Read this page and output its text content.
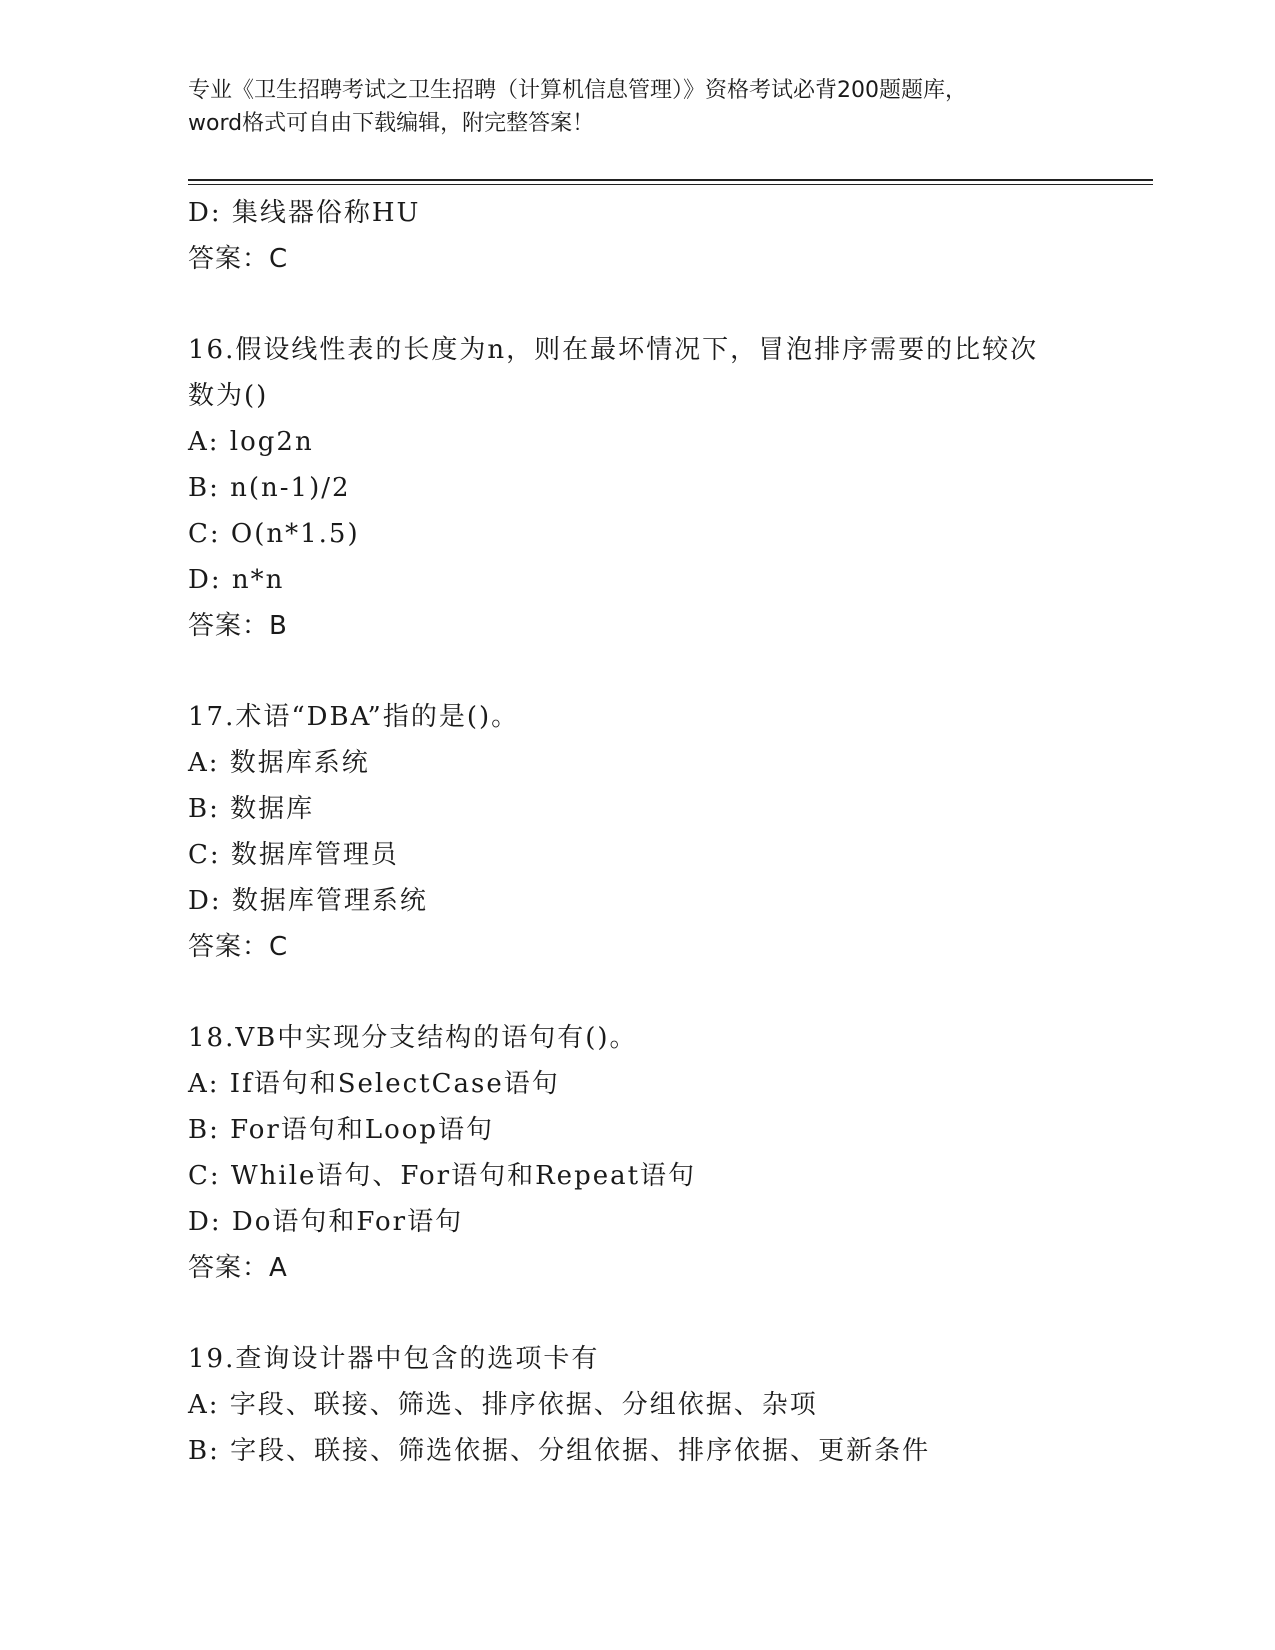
专业《卫生招聘考试之卫生招聘（计算机信息管理）》资格考试必背200题题库，
word格式可自由下载编辑，附完整答案！
D: 集线器俗称HU
答案：C
16.假设线性表的长度为n，则在最坏情况下，冒泡排序需要的比较次
数为()
A: log2n
B: n(n-1)/2
C: O(n*1.5)
D: n*n
答案：B
17.术语“DBA”指的是()。
A: 数据库系统
B: 数据库
C: 数据库管理员
D: 数据库管理系统
答案：C
18.VB中实现分支结构的语句有()。
A: If语句和SelectCase语句
B: For语句和Loop语句
C: While语句、For语句和Repeat语句
D: Do语句和For语句
答案：A
19.查询设计器中包含的选项卡有
A: 字段、联接、筛选、排序依据、分组依据、杂项
B: 字段、联接、筛选依据、分组依据、排序依据、更新条件
